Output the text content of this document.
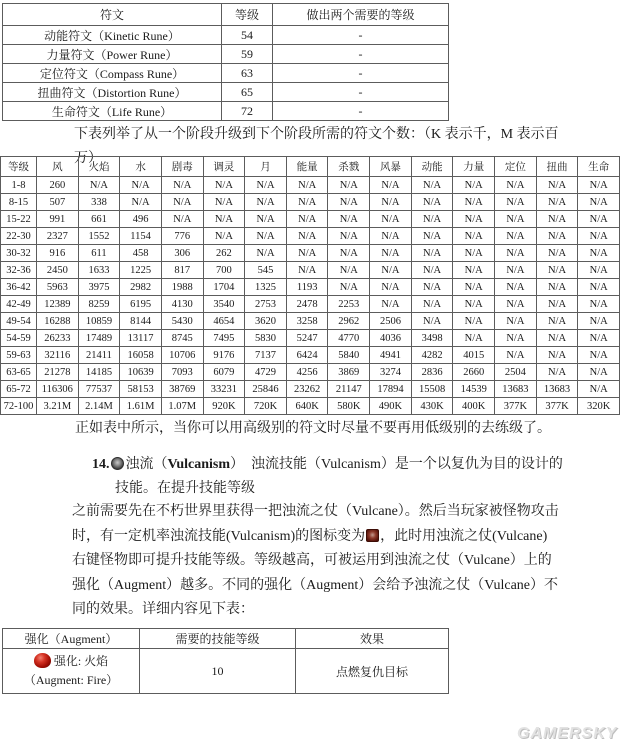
符文	等级	做出两个需要的等级
动能符文（Kinetic Rune）	54	-
力量符文（Power Rune）	59	-
定位符文（Compass Rune）	63	-
扭曲符文（Distortion Rune）	65	-
生命符文（Life Rune）	72	-
下表列举了从一个阶段升级到下个阶段所需的符文个数：（K 表示千，M 表示百
万）
等级	风	火焰	水	剧毒	调灵	月	能量	杀戮	风暴	动能	力量	定位	扭曲	生命
1-8	260	N/A	N/A	N/A	N/A	N/A	N/A	N/A	N/A	N/A	N/A	N/A	N/A	N/A
8-15	507	338	N/A	N/A	N/A	N/A	N/A	N/A	N/A	N/A	N/A	N/A	N/A	N/A
15-22	991	661	496	N/A	N/A	N/A	N/A	N/A	N/A	N/A	N/A	N/A	N/A	N/A
22-30	2327	1552	1154	776	N/A	N/A	N/A	N/A	N/A	N/A	N/A	N/A	N/A	N/A
30-32	916	611	458	306	262	N/A	N/A	N/A	N/A	N/A	N/A	N/A	N/A	N/A
32-36	2450	1633	1225	817	700	545	N/A	N/A	N/A	N/A	N/A	N/A	N/A	N/A
36-42	5963	3975	2982	1988	1704	1325	1193	N/A	N/A	N/A	N/A	N/A	N/A	N/A
42-49	12389	8259	6195	4130	3540	2753	2478	2253	N/A	N/A	N/A	N/A	N/A	N/A
49-54	16288	10859	8144	5430	4654	3620	3258	2962	2506	N/A	N/A	N/A	N/A	N/A
54-59	26233	17489	13117	8745	7495	5830	5247	4770	4036	3498	N/A	N/A	N/A	N/A
59-63	32116	21411	16058	10706	9176	7137	6424	5840	4941	4282	4015	N/A	N/A	N/A
63-65	21278	14185	10639	7093	6079	4729	4256	3869	3274	2836	2660	2504	N/A	N/A
65-72	116306	77537	58153	38769	33231	25846	23262	21147	17894	15508	14539	13683	13683	N/A
72-100	3.21M	2.14M	1.61M	1.07M	920K	720K	640K	580K	490K	430K	400K	377K	377K	320K
正如表中所示，当你可以用高级别的符文时尽量不要再用低级别的去练级了。
14. 浊流（Vulcanism）　浊流技能（Vulcanism）是一个以复仇为目的设计的
技能。在提升技能等级
之前需要先在不朽世界里获得一把浊流之仗（Vulcane）。然后当玩家被怪物攻击
时，有一定机率浊流技能(Vulcanism)的图标变为 ，此时用浊流之仗(Vulcane)
右键怪物即可提升技能等级。等级越高，可被运用到浊流之仗（Vulcane）上的
强化（Augment）越多。不同的强化（Augment）会给予浊流之仗（Vulcane）不
同的效果。详细内容见下表：
强化（Augment）	需要的技能等级	效果

强化: 火焰
（Augment: Fire）	10	点燃复仇目标
GAMERSKY
